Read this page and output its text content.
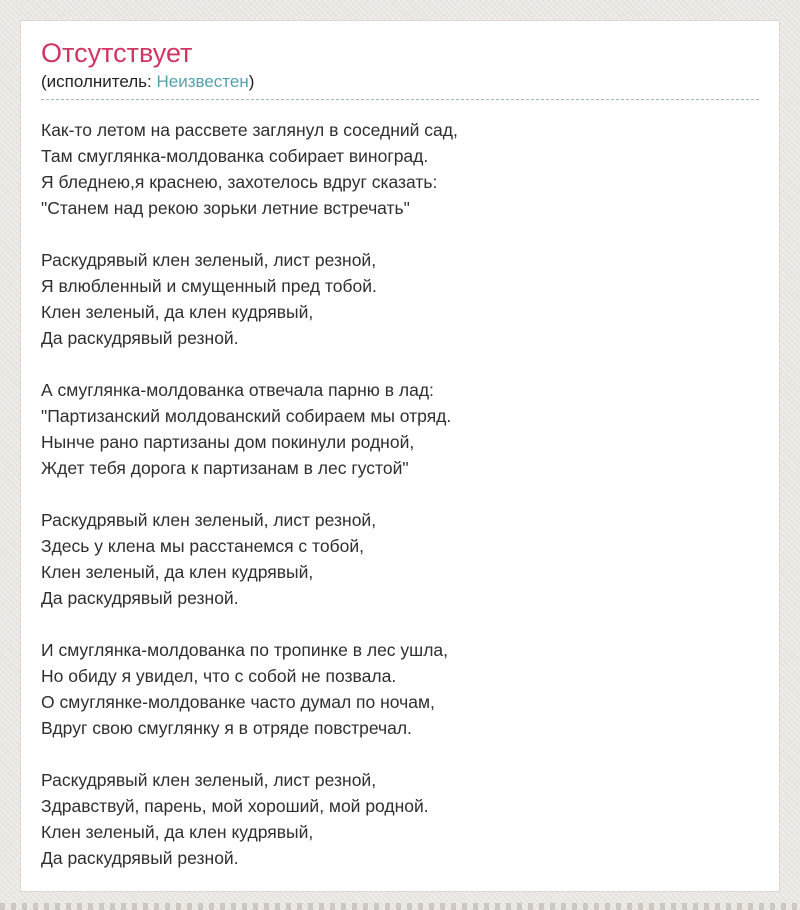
Отсутствует
(исполнитель: Неизвестен)
Как-то летом на рассвете заглянул в соседний сад,
Там смуглянка-молдованка собирает виноград.
Я бледнею,я краснею, захотелось вдруг сказать:
"Станем над рекою зорьки летние встречать"
Раскудрявый клен зеленый, лист резной,
Я влюбленный и смущенный пред тобой.
Клен зеленый, да клен кудрявый,
Да раскудрявый резной.
А смуглянка-молдованка отвечала парню в лад:
"Партизанский молдованский собираем мы отряд.
Нынче рано партизаны дом покинули родной,
Ждет тебя дорога к партизанам в лес густой"
Раскудрявый клен зеленый, лист резной,
Здесь у клена мы расстанемся с тобой,
Клен зеленый, да клен кудрявый,
Да раскудрявый резной.
И смуглянка-молдованка по тропинке в лес ушла,
Но обиду я увидел, что с собой не позвала.
О смуглянке-молдованке часто думал по ночам,
Вдруг свою смуглянку я в отряде повстречал.
Раскудрявый клен зеленый, лист резной,
Здравствуй, парень, мой хороший, мой родной.
Клен зеленый, да клен кудрявый,
Да раскудрявый резной.
